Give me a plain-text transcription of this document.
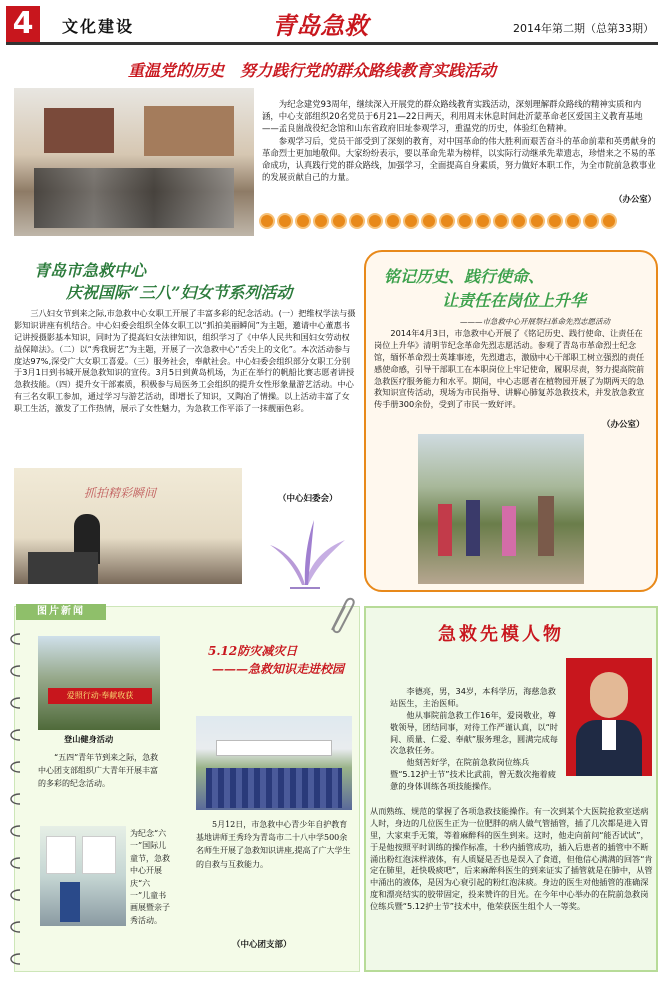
4	文化建设	青岛急救	2014年第二期（总第33期）
重温党的历史　努力践行党的群众路线教育实践活动

为纪念建党93周年，继续深入开展党的群众路线教育实践活动，深刻理解群众路线的精神实质和内涵，中心支部组织20名党员于6月21—22日两天，利用周末休息时间赴沂蒙革命老区爱国主义教育基地——孟良崮战役纪念馆和山东省政府旧址参观学习，重温党的历史，体验红色精神。

参观学习后，党员干部受到了深刻的教育，对中国革命的伟大胜利而艰苦奋斗的革命前辈和英勇献身的革命烈士更加地敬仰。大家纷纷表示，要以革命先辈为榜样，以实际行动继承先辈遗志，珍惜来之不易的革命成功，认真践行党的群众路线，加强学习，全面提高自身素质，努力做好本职工作，为全市院前急救事业的发展贡献自己的力量。

（办公室）

青岛市急救中心
庆祝国际“三八”妇女节系列活动

三八妇女节到来之际,市急救中心女职工开展了丰富多彩的纪念活动。(一）把维权学法与摄影知识讲座有机结合。中心妇委会组织全体女职工以“抓拍美丽瞬间”为主题，邀请中心董惠书记讲授摄影基本知识，同时为了提高妇女法律知识，组织学习了《中华人民共和国妇女劳动权益保障法》。（二）以“秀我厨艺”为主题，开展了一次急救中心“舌尖上的文化”。本次活动参与度达97%,深受广大女职工喜爱。（三）服务社会，奉献社会。中心妇委会组织部分女职工分别于3月1日到书城开展急救知识的宣传。3月5日到黄岛机场，为正在举行的帆船比赛志愿者讲授急救技能。（四）提升女干部素质，积极参与局医务工会组织的提升女性形象量游艺活动。中心有三名女职工参加，通过学习与游艺活动，即增长了知识，又陶冶了情操。以上活动丰富了女职工生活，激发了工作热情，展示了女性魅力，为急救工作平添了一抹靓丽色彩。

抓拍精彩瞬间	（中心妇委会）
铭记历史、践行使命、
让责任在岗位上升华
———市急救中心开展祭扫革命先烈志愿活动

2014年4月3日，市急救中心开展了《铭记历史、践行使命、让责任在岗位上升华》清明节纪念革命先烈志愿活动。参观了青岛市革命烈士纪念馆，缅怀革命烈士英雄事迹，先烈遗志，激励中心干部职工树立强烈的责任感使命感，引导干部职工在本职岗位上牢记使命，履职尽责，努力提高院前急救医疗服务能力和水平。期间，中心志愿者在植物园开展了为期两天的急救知识宣传活动，现场为市民指导、讲解心肺复苏急救技术，并发放急救宣传手册300余份，受到了市民一致好评。

（办公室）
图片新闻
爱照行动·奉献收获
登山健身活动
“五四”青年节到来之际，急救中心团支部组织广大青年开展丰富的多彩的纪念活动。
为纪念“六一”国际儿童节，急救中心开展庆“六一”儿童书画展暨亲子秀活动。
5.12防灾减灾日
———急救知识走进校园
5月12日，市急救中心青少年自护教育基地讲师王秀玲为青岛市二十八中学500余名师生开展了急救知识讲座,提高了广大学生的自救与互救能力。
（中心团支部）
急救先模人物

李德亮，男，34岁，本科学历，海慈急救站医生，主治医师。

他从事院前急救工作16年，爱岗敬业，尊敬领导，团结同事，对待工作严谨认真，以“时间、质量、仁爱、奉献”服务理念，圆满完成每次急救任务。

他刻苦好学，在院前急救岗位练兵暨“5.12护士节”技术比武前，曾无数次拖着疲惫的身体训练各项技能操作。

从而熟练、规范的掌握了各项急救技能操作。有一次到某个大医院抢救室送病人时，身边的几位医生正为一位肥胖的病人做气管插管，插了几次都是进入胃里，大家束手无策，等着麻醉科的医生到来。这时，他走向前问“能否试试”，于是他按照平时训练的操作标准，十秒内插管成功，插入后患者的插管中不断涌出粉红泡沫样液体，有人质疑是否也是误入了食道，但他信心满满的回答“肯定在肺里，赶快吸痰吧”，后来麻醉科医生的到来证实了插管就是在肺中，从管中涌出的液体，是因为心衰引起的粉红泡沫痰。身边的医生对他插管的准确深度和漂亮结实的胶带固定，投来赞许的目光。在今年中心举办的在院前急救岗位练兵暨“5.12护士节”技术中，他荣获医生组个人一等奖。
